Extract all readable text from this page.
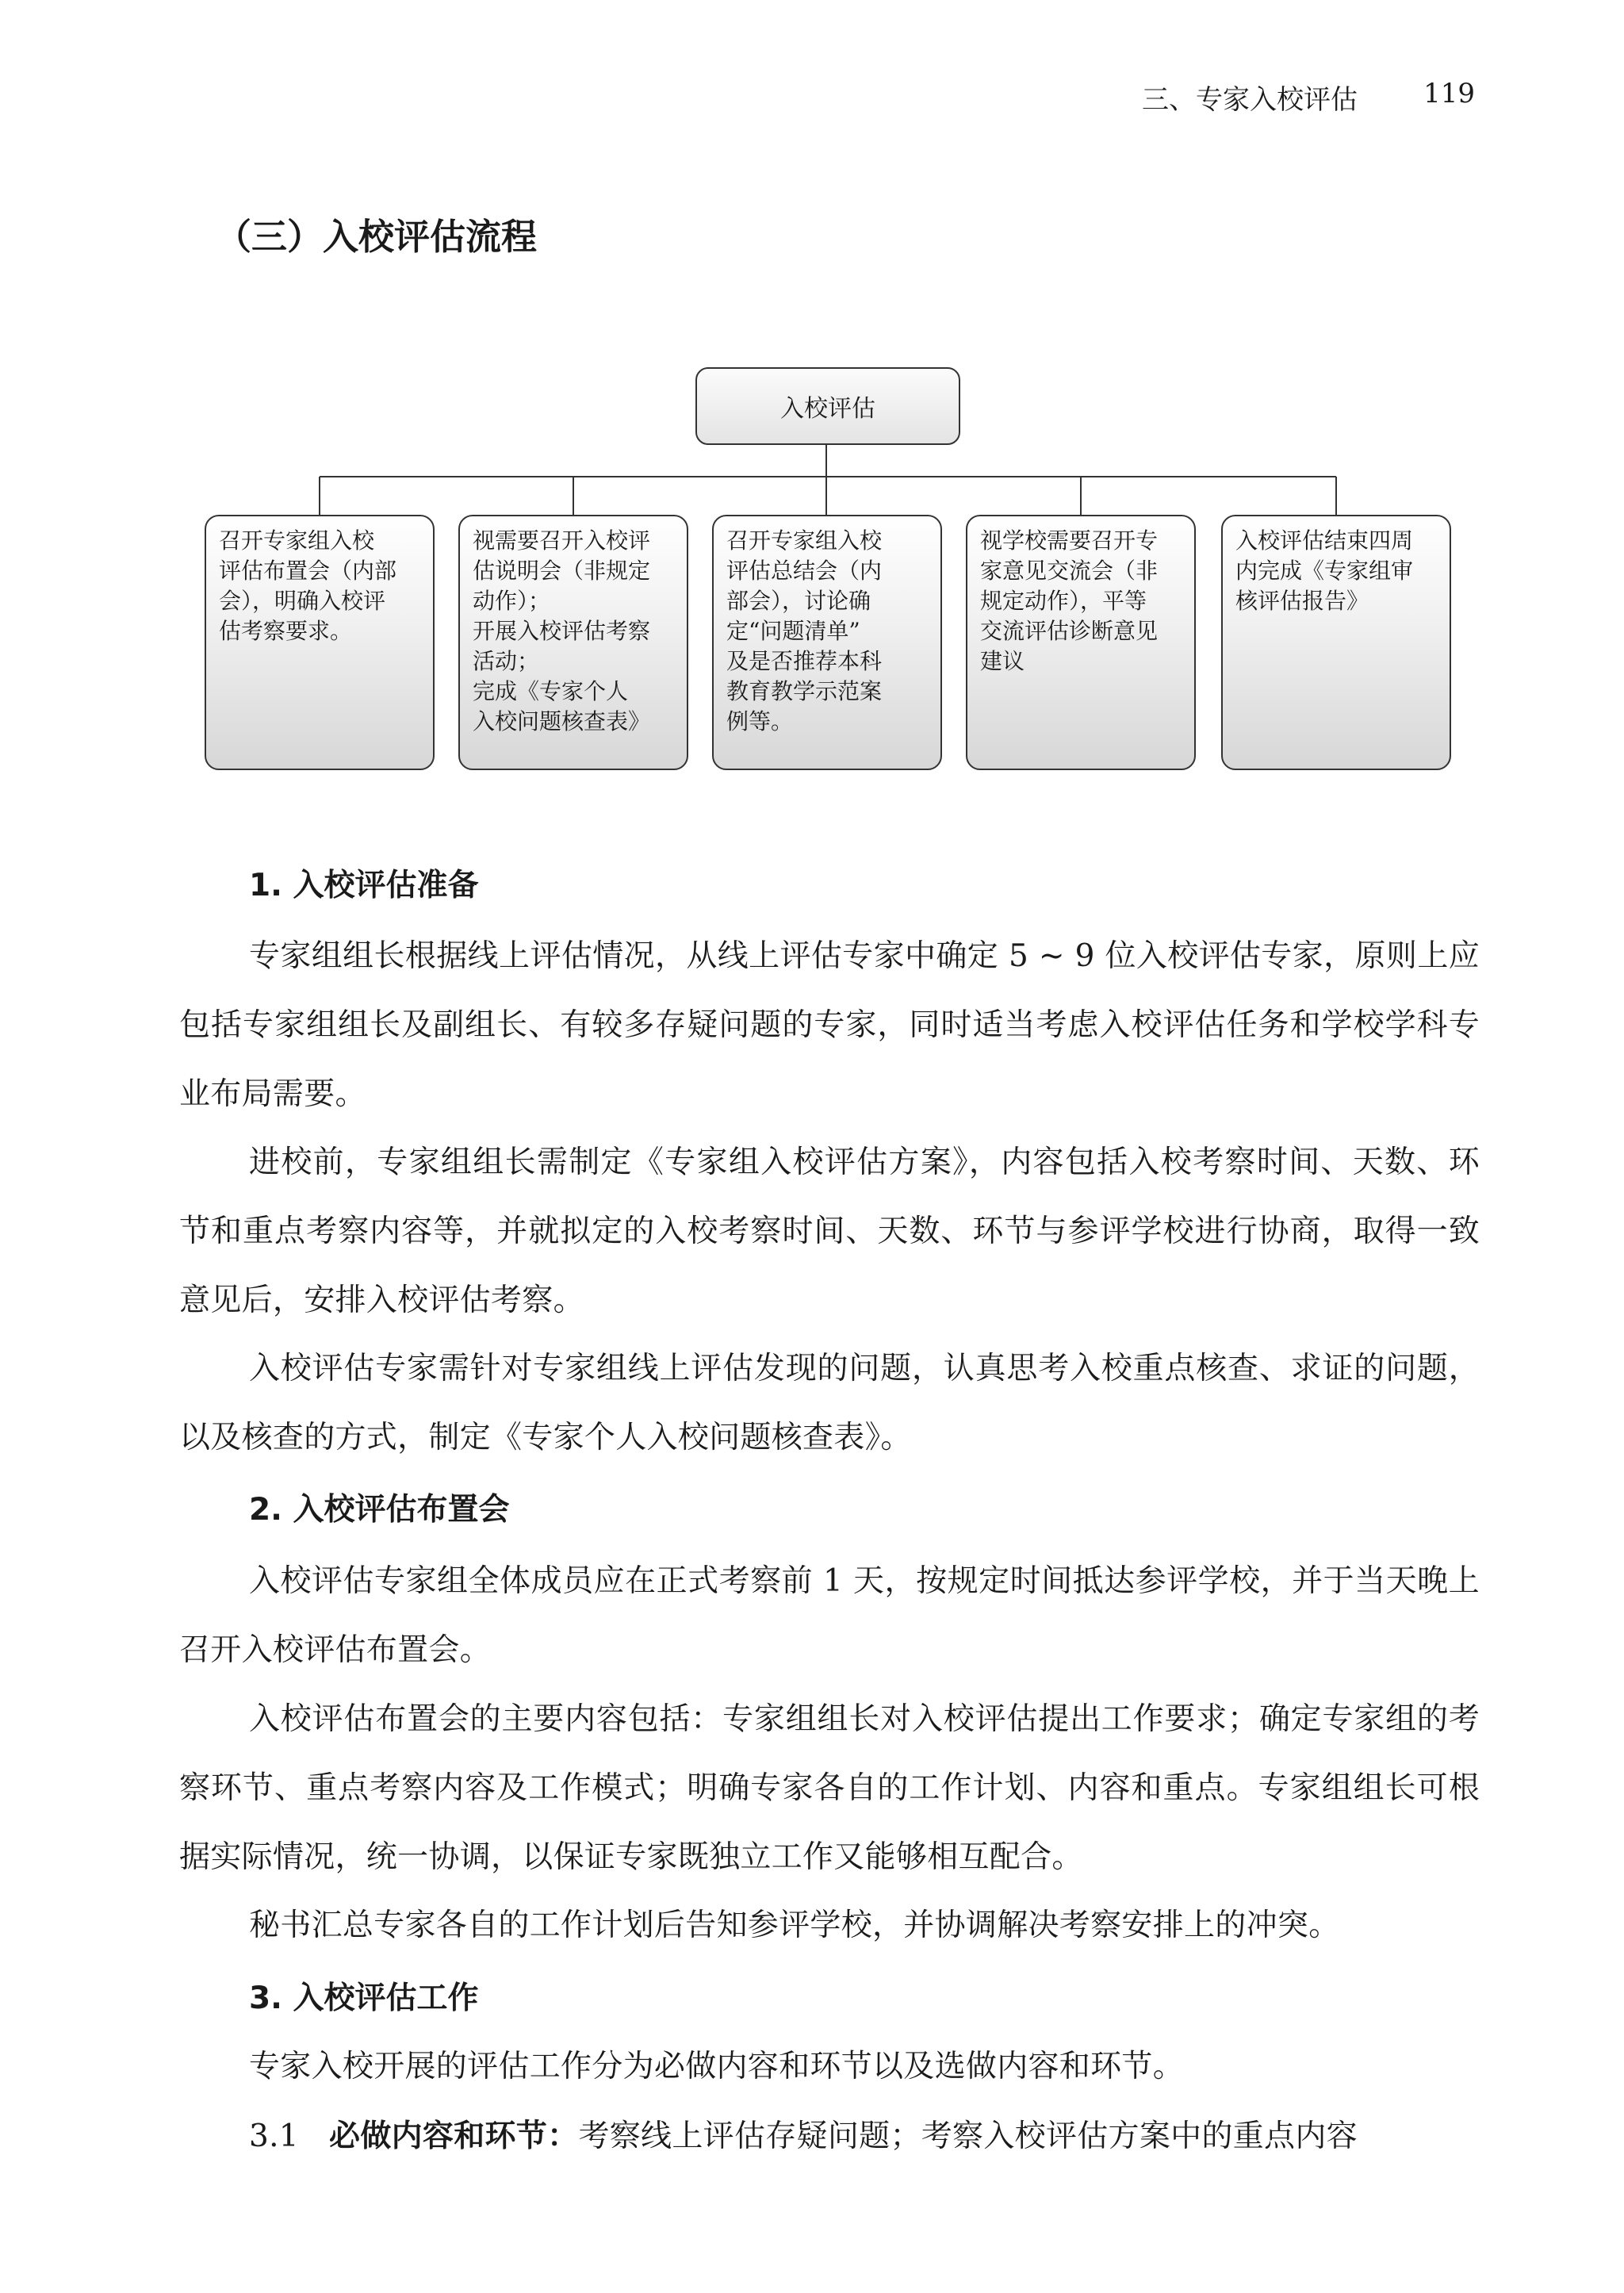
三、专家入校评估 119
（三）入校评估流程
入校评估
召开专家组入校
评估布置会（内部
会），明确入校评
估考察要求。
视需要召开入校评
估说明会（非规定
动作）；
开展入校评估考察
活动；
完成《专家个人
入校问题核查表》
召开专家组入校
评估总结会（内
部会），讨论确
定“问题清单”
及是否推荐本科
教育教学示范案
例等。
视学校需要召开专
家意见交流会（非
规定动作），平等
交流评估诊断意见
建议
入校评估结束四周
内完成《专家组审
核评估报告》
1. 入校评估准备

专家组组长根据线上评估情况，从线上评估专家中确定 5 ~ 9 位入校评估专家，原则上应包括专家组组长及副组长、有较多存疑问题的专家，同时适当考虑入校评估任务和学校学科专业布局需要。

进校前，专家组组长需制定《专家组入校评估方案》，内容包括入校考察时间、天数、环节和重点考察内容等，并就拟定的入校考察时间、天数、环节与参评学校进行协商，取得一致意见后，安排入校评估考察。

入校评估专家需针对专家组线上评估发现的问题，认真思考入校重点核查、求证的问题，以及核查的方式，制定《专家个人入校问题核查表》。

2. 入校评估布置会

入校评估专家组全体成员应在正式考察前 1 天，按规定时间抵达参评学校，并于当天晚上召开入校评估布置会。

入校评估布置会的主要内容包括：专家组组长对入校评估提出工作要求；确定专家组的考察环节、重点考察内容及工作模式；明确专家各自的工作计划、内容和重点。专家组组长可根据实际情况，统一协调，以保证专家既独立工作又能够相互配合。

秘书汇总专家各自的工作计划后告知参评学校，并协调解决考察安排上的冲突。

3. 入校评估工作

专家入校开展的评估工作分为必做内容和环节以及选做内容和环节。

3.1 必做内容和环节：考察线上评估存疑问题；考察入校评估方案中的重点内容
